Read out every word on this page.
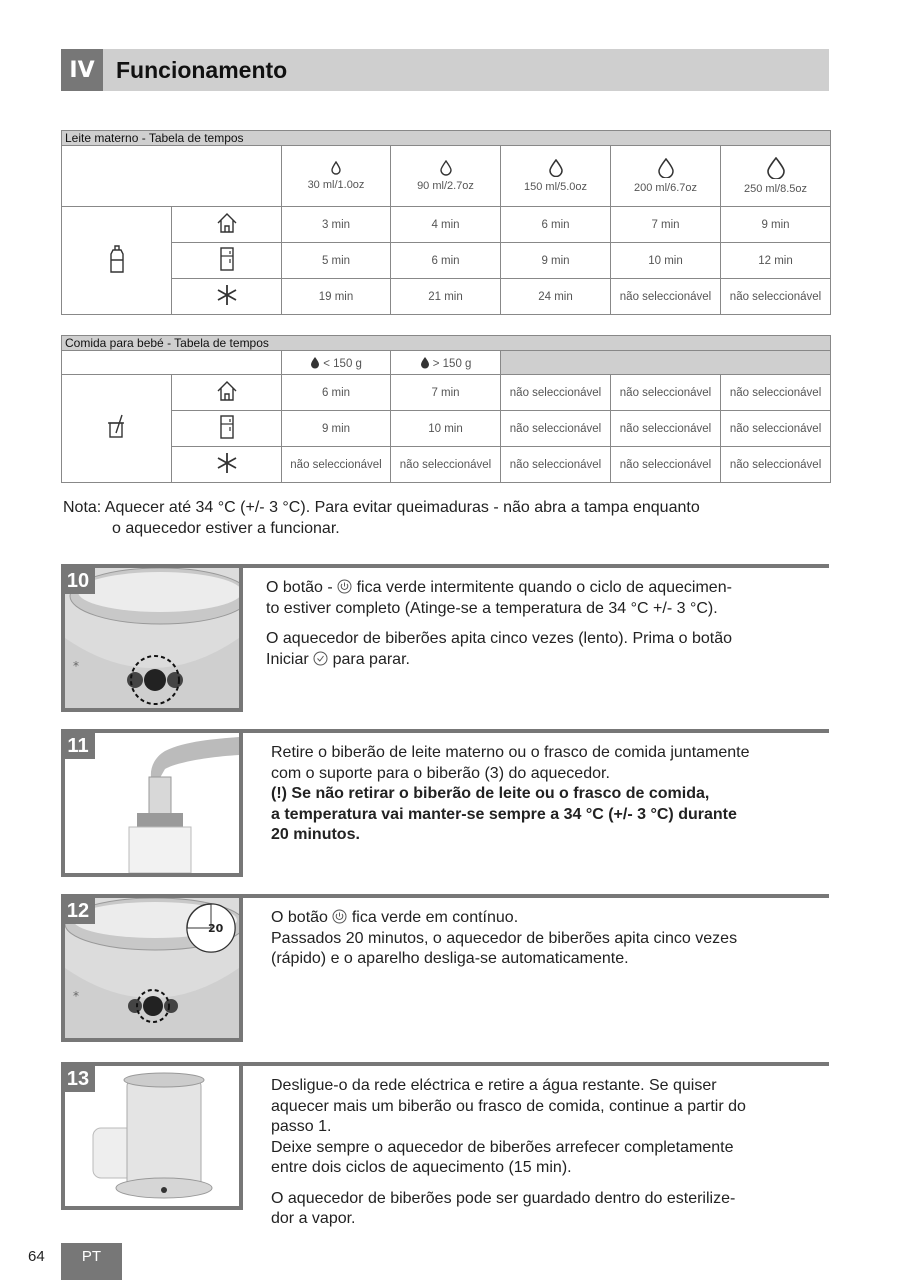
IV Funcionamento
Leite materno - Tabela de tempos						

30 ml/1.0oz	90 ml/2.7oz	150 ml/5.0oz	200 ml/6.7oz	250 ml/8.5oz
		3 min	4 min	6 min	7 min	9 min
	5 min	6 min	9 min	10 min	12 min
	19 min	21 min	24 min	não seleccionável	não seleccionável
Comida para bebé - Tabela de tempos						
		< 150 g	> 150 g			
		6 min	7 min	não seleccionável	não seleccionável	não seleccionável
	9 min	10 min	não seleccionável	não seleccionável	não seleccionável
	não seleccionável	não seleccionável	não seleccionável	não seleccionável	não seleccionável
Nota: Aquecer até 34 °C (+/- 3 °C). Para evitar queimaduras - não abra a tampa enquanto
o aquecedor estiver a funcionar.
10
*

O botão -  fica verde intermitente quando o ciclo de aquecimen-
to estiver completo (Atinge-se a temperatura de 34 °C +/- 3 °C).

O aquecedor de biberões apita cinco vezes (lento). Prima o botão
Iniciar  para parar.

11	Retire o biberão de leite materno ou o frasco de comida juntamente
com o suporte para o biberão (3) do aquecedor.
(!) Se não retirar o biberão de leite ou o frasco de comida,
a temperatura vai manter-se sempre a 34 °C (+/- 3 °C) durante
20 minutos.
12
*
20
O botão  fica verde em contínuo.
Passados 20 minutos, o aquecedor de biberões apita cinco vezes
(rápido) e o aparelho desliga-se automaticamente.
13	Desligue-o da rede eléctrica e retire a água restante. Se quiser
aquecer mais um biberão ou frasco de comida, continue a partir do
passo 1.
Deixe sempre o aquecedor de biberões arrefecer completamente
entre dois ciclos de aquecimento (15 min).
O aquecedor de biberões pode ser guardado dentro do esterilize-
dor a vapor.
64	PT
